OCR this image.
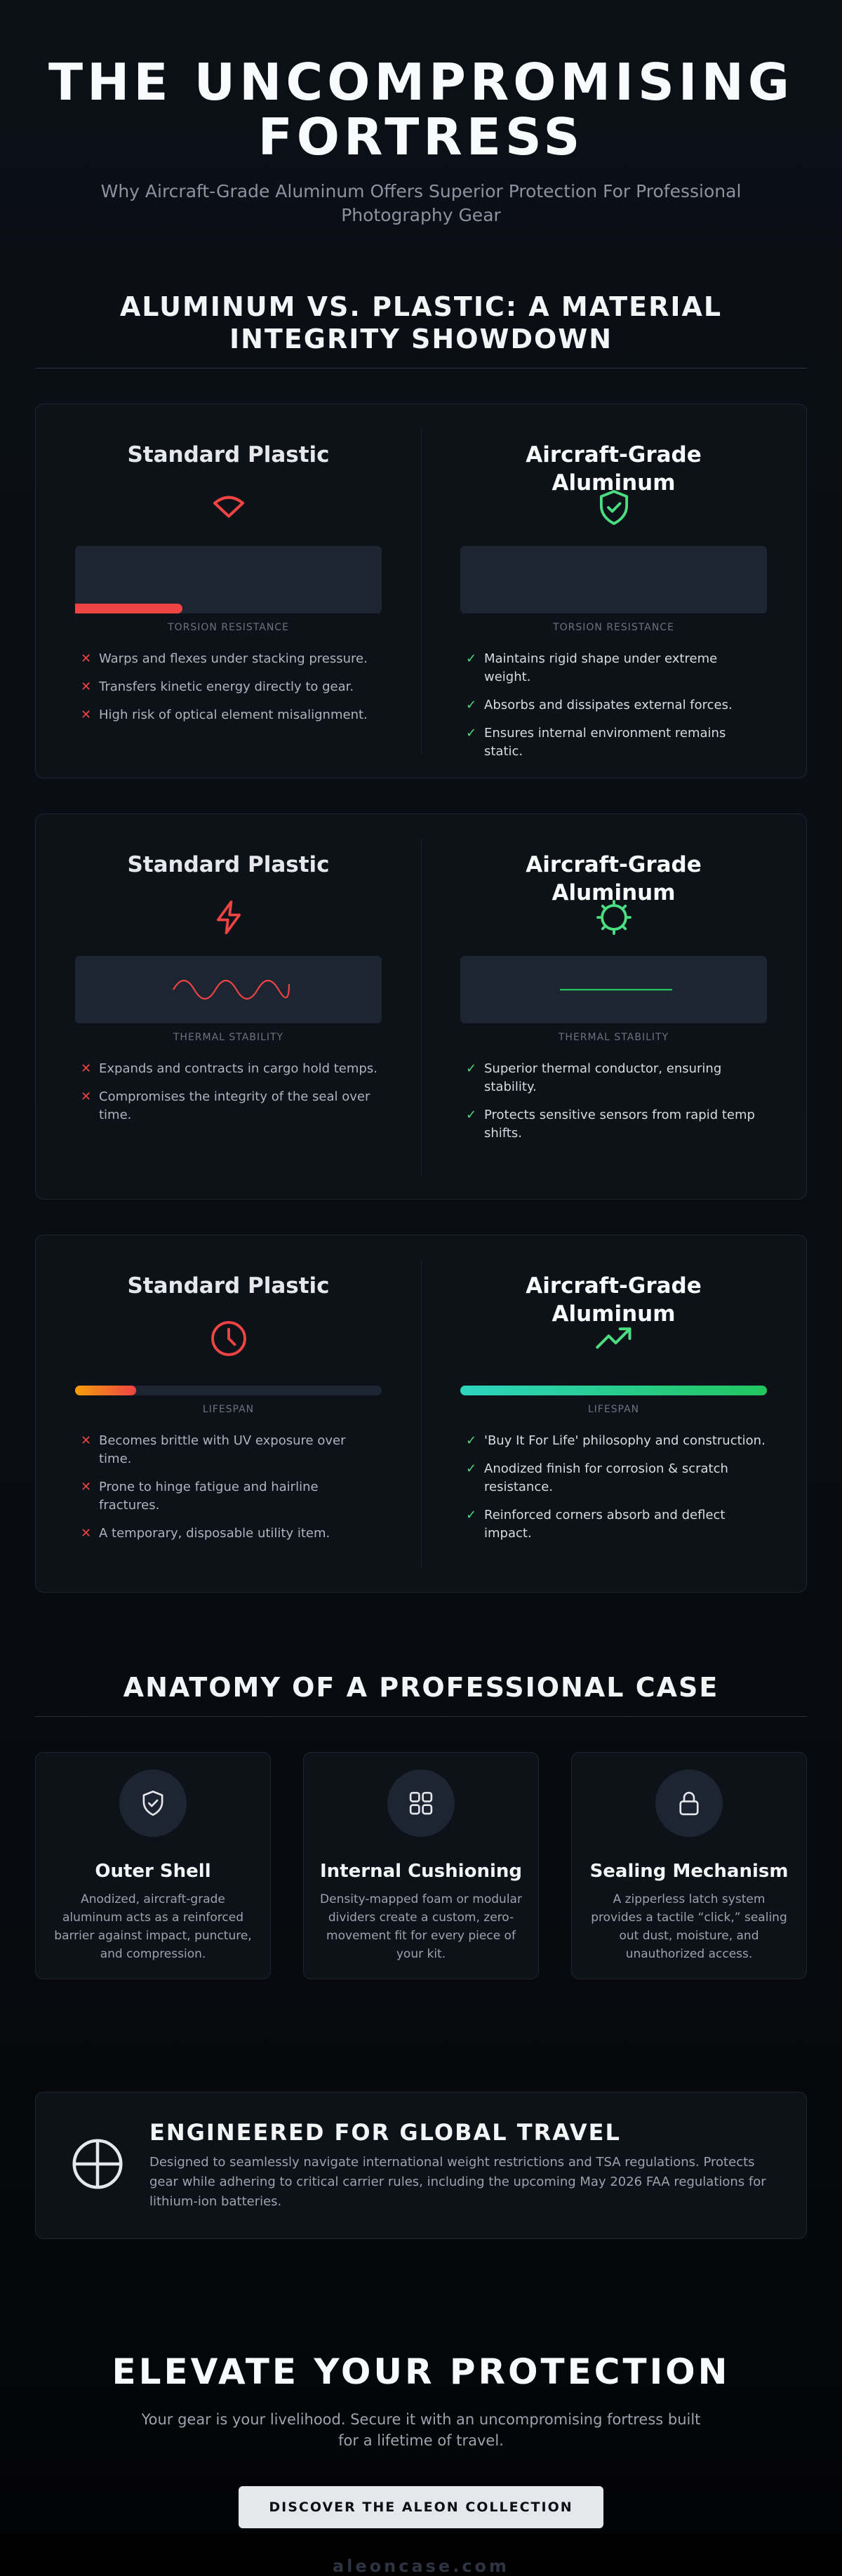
THE UNCOMPROMISING FORTRESS

Why Aircraft-Grade Aluminum Offers Superior Protection For Professional Photography Gear

ALUMINUM VS. PLASTIC: A MATERIAL INTEGRITY SHOWDOWN
Standard Plastic
TORSION RESISTANCE
✕ Warps and flexes under stacking pressure.
✕ Transfers kinetic energy directly to gear.
✕ High risk of optical element misalignment.
Aircraft-Grade Aluminum
TORSION RESISTANCE
✓ Maintains rigid shape under extreme weight.
✓ Absorbs and dissipates external forces.
✓ Ensures internal environment remains static.
Standard Plastic
THERMAL STABILITY
✕ Expands and contracts in cargo hold temps.
✕ Compromises the integrity of the seal over time.
Aircraft-Grade Aluminum
THERMAL STABILITY
✓ Superior thermal conductor, ensuring stability.
✓ Protects sensitive sensors from rapid temp shifts.
Standard Plastic
LIFESPAN
✕ Becomes brittle with UV exposure over time.
✕ Prone to hinge fatigue and hairline fractures.
✕ A temporary, disposable utility item.
Aircraft-Grade Aluminum
LIFESPAN
✓ 'Buy It For Life' philosophy and construction.
✓ Anodized finish for corrosion & scratch resistance.
✓ Reinforced corners absorb and deflect impact.
ANATOMY OF A PROFESSIONAL CASE
Outer Shell

Anodized, aircraft-grade aluminum acts as a reinforced barrier against impact, puncture, and compression.

Internal Cushioning

Density-mapped foam or modular dividers create a custom, zero-movement fit for every piece of your kit.

Sealing Mechanism

A zipperless latch system provides a tactile “click,” sealing out dust, moisture, and unauthorized access.

ENGINEERED FOR GLOBAL TRAVEL

Designed to seamlessly navigate international weight restrictions and TSA regulations. Protects gear while adhering to critical carrier rules, including the upcoming May 2026 FAA regulations for lithium-ion batteries.

ELEVATE YOUR PROTECTION

Your gear is your livelihood. Secure it with an uncompromising fortress built for a lifetime of travel.

DISCOVER THE ALEON COLLECTION
aleoncase.com
